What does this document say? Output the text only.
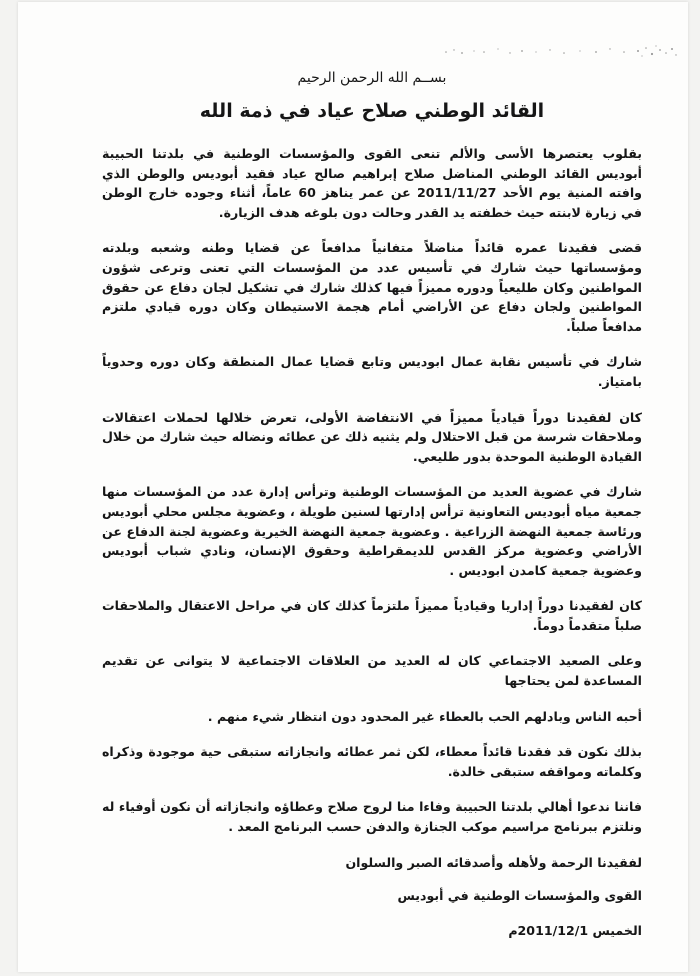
بســم الله الرحمن الرحيم

القائد الوطني صلاح عياد في ذمة الله

بقلوب يعتصرها الأسى والألم تنعى القوى والمؤسسات الوطنية في بلدتنا الحبيبة أبوديس القائد الوطني المناضل صلاح إبراهيم صالح عياد فقيد أبوديس والوطن الذي وافته المنية يوم الأحد 2011/11/27 عن عمر يناهز 60 عاماً، أثناء وجوده خارج الوطن في زيارة لابنته حيث خطفته يد القدر وحالت دون بلوغه هدف الزيارة.

قضى فقيدنا عمره قائداً مناضلاً متفانياً مدافعاً عن قضايا وطنه وشعبه وبلدته ومؤسساتها حيث شارك في تأسيس عدد من المؤسسات التي تعنى وترعى شؤون المواطنين وكان طليعياً ودوره مميزاً فيها كذلك شارك في تشكيل لجان دفاع عن حقوق المواطنين ولجان دفاع عن الأراضي أمام هجمة الاستيطان وكان دوره قيادي ملتزم مدافعاً صلباً.

شارك في تأسيس نقابة عمال ابوديس وتابع قضايا عمال المنطقة وكان دوره وحدوياً بامتياز.

كان لفقيدنا دوراً قيادياً مميزاً في الانتفاضة الأولى، تعرض خلالها لحملات اعتقالات وملاحقات شرسة من قبل الاحتلال ولم يثنيه ذلك عن عطائه ونضاله حيث شارك من خلال القيادة الوطنية الموحدة بدور طليعي.

شارك في عضوية العديد من المؤسسات الوطنية وترأس إدارة عدد من المؤسسات منها جمعية مياه أبوديس التعاونية ترأس إدارتها لسنين طويلة ، وعضوية مجلس محلي أبوديس ورئاسة جمعية النهضة الزراعية . وعضوية جمعية النهضة الخيرية وعضوية لجنة الدفاع عن الأراضي وعضوية مركز القدس للديمقراطية وحقوق الإنسان، ونادي شباب أبوديس وعضوية جمعية كامدن ابوديس .

كان لفقيدنا دوراً إداريا وقيادياً مميزاً ملتزماً كذلك كان في مراحل الاعتقال والملاحقات صلباً متقدماً دوماً.

وعلى الصعيد الاجتماعي كان له العديد من العلاقات الاجتماعية لا يتوانى عن تقديم المساعدة لمن يحتاجها

أحبه الناس وبادلهم الحب بالعطاء غير المحدود دون انتظار شيء منهم .

بذلك نكون قد فقدنا قائداً معطاء، لكن ثمر عطائه وانجازاته ستبقى حية موجودة وذكراه وكلماته ومواقفه ستبقى خالدة.

فاننا ندعوا أهالي بلدتنا الحبيبة وفاءا منا لروح صلاح وعطاؤه وانجازاته أن نكون أوفياء له ونلتزم ببرنامج مراسيم موكب الجنازة والدفن حسب البرنامج المعد .

لفقيدنا الرحمة ولأهله وأصدقائه الصبر والسلوان

القوى والمؤسسات الوطنية في أبوديس

الخميس 2011/12/1م
